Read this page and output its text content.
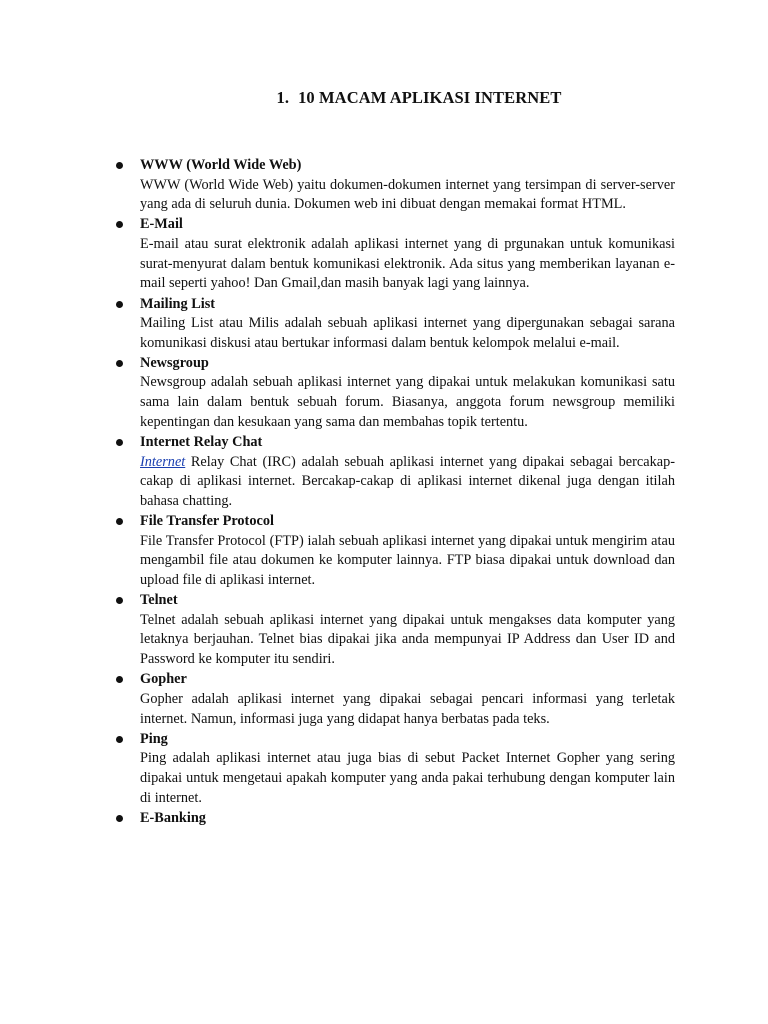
1. 10 MACAM APLIKASI INTERNET
WWW (World Wide Web)
WWW (World Wide Web) yaitu dokumen-dokumen internet yang tersimpan di server-server yang ada di seluruh dunia. Dokumen web ini dibuat dengan memakai format HTML.
E-Mail
E-mail atau surat elektronik adalah aplikasi internet yang di prgunakan untuk komunikasi surat-menyurat dalam bentuk komunikasi elektronik. Ada situs yang memberikan layanan e-mail seperti yahoo! Dan Gmail,dan masih banyak lagi yang lainnya.
Mailing List
Mailing List atau Milis adalah sebuah aplikasi internet yang dipergunakan sebagai sarana komunikasi diskusi atau bertukar informasi dalam bentuk kelompok melalui e-mail.
Newsgroup
Newsgroup adalah sebuah aplikasi internet yang dipakai untuk melakukan komunikasi satu sama lain dalam bentuk sebuah forum. Biasanya, anggota forum newsgroup memiliki kepentingan dan kesukaan yang sama dan membahas topik tertentu.
Internet Relay Chat
Internet Relay Chat (IRC) adalah sebuah aplikasi internet yang dipakai sebagai bercakap-cakap di aplikasi internet. Bercakap-cakap di aplikasi internet dikenal juga dengan itilah bahasa chatting.
File Transfer Protocol
File Transfer Protocol (FTP) ialah sebuah aplikasi internet yang dipakai untuk mengirim atau mengambil file atau dokumen ke komputer lainnya. FTP biasa dipakai untuk download dan upload file di aplikasi internet.
Telnet
Telnet adalah sebuah aplikasi internet yang dipakai untuk mengakses data komputer yang letaknya berjauhan. Telnet bias dipakai jika anda mempunyai IP Address dan User ID and Password ke komputer itu sendiri.
Gopher
Gopher adalah aplikasi internet yang dipakai sebagai pencari informasi yang terletak internet. Namun, informasi juga yang didapat hanya berbatas pada teks.
Ping
Ping adalah aplikasi internet atau juga bias di sebut Packet Internet Gopher yang sering dipakai untuk mengetaui apakah komputer yang anda pakai terhubung dengan komputer lain di internet.
E-Banking
